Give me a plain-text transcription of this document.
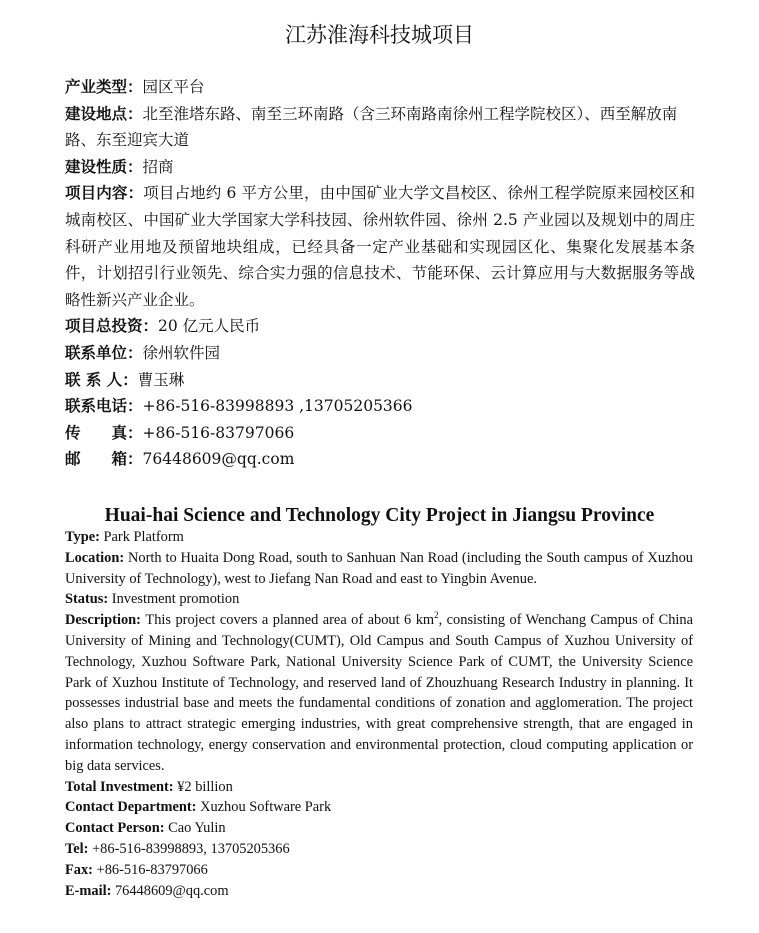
江苏淮海科技城项目

产业类型：园区平台

建设地点：北至淮塔东路、南至三环南路（含三环南路南徐州工程学院校区）、西至解放南路、东至迎宾大道

建设性质：招商

项目内容：项目占地约 6 平方公里，由中国矿业大学文昌校区、徐州工程学院原来园校区和城南校区、中国矿业大学国家大学科技园、徐州软件园、徐州 2.5 产业园以及规划中的周庄科研产业用地及预留地块组成，已经具备一定产业基础和实现园区化、集聚化发展基本条件，计划招引行业领先、综合实力强的信息技术、节能环保、云计算应用与大数据服务等战略性新兴产业企业。

项目总投资：20 亿元人民币

联系单位：徐州软件园

联 系 人：曹玉琳

联系电话：+86-516-83998893 ,13705205366

传　　真：+86-516-83797066

邮　　箱：76448609@qq.com

Huai-hai Science and Technology City Project in Jiangsu Province

Type: Park Platform

Location: North to Huaita Dong Road, south to Sanhuan Nan Road (including the South campus of Xuzhou University of Technology), west to Jiefang Nan Road and east to Yingbin Avenue.

Status: Investment promotion

Description: This project covers a planned area of about 6 $km^2$, consisting of Wenchang Campus of China University of Mining and Technology(CUMT), Old Campus and South Campus of Xuzhou University of Technology, Xuzhou Software Park, National University Science Park of CUMT, the University Science Park of Xuzhou Institute of Technology, and reserved land of Zhouzhuang Research Industry in planning. It possesses industrial base and meets the fundamental conditions of zonation and agglomeration. The project also plans to attract strategic emerging industries, with great comprehensive strength, that are engaged in information technology, energy conservation and environmental protection, cloud computing application or big data services.

Total Investment: ¥2 billion

Contact Department: Xuzhou Software Park

Contact Person: Cao Yulin

Tel: +86-516-83998893, 13705205366

Fax: +86-516-83797066

E-mail: 76448609@qq.com
